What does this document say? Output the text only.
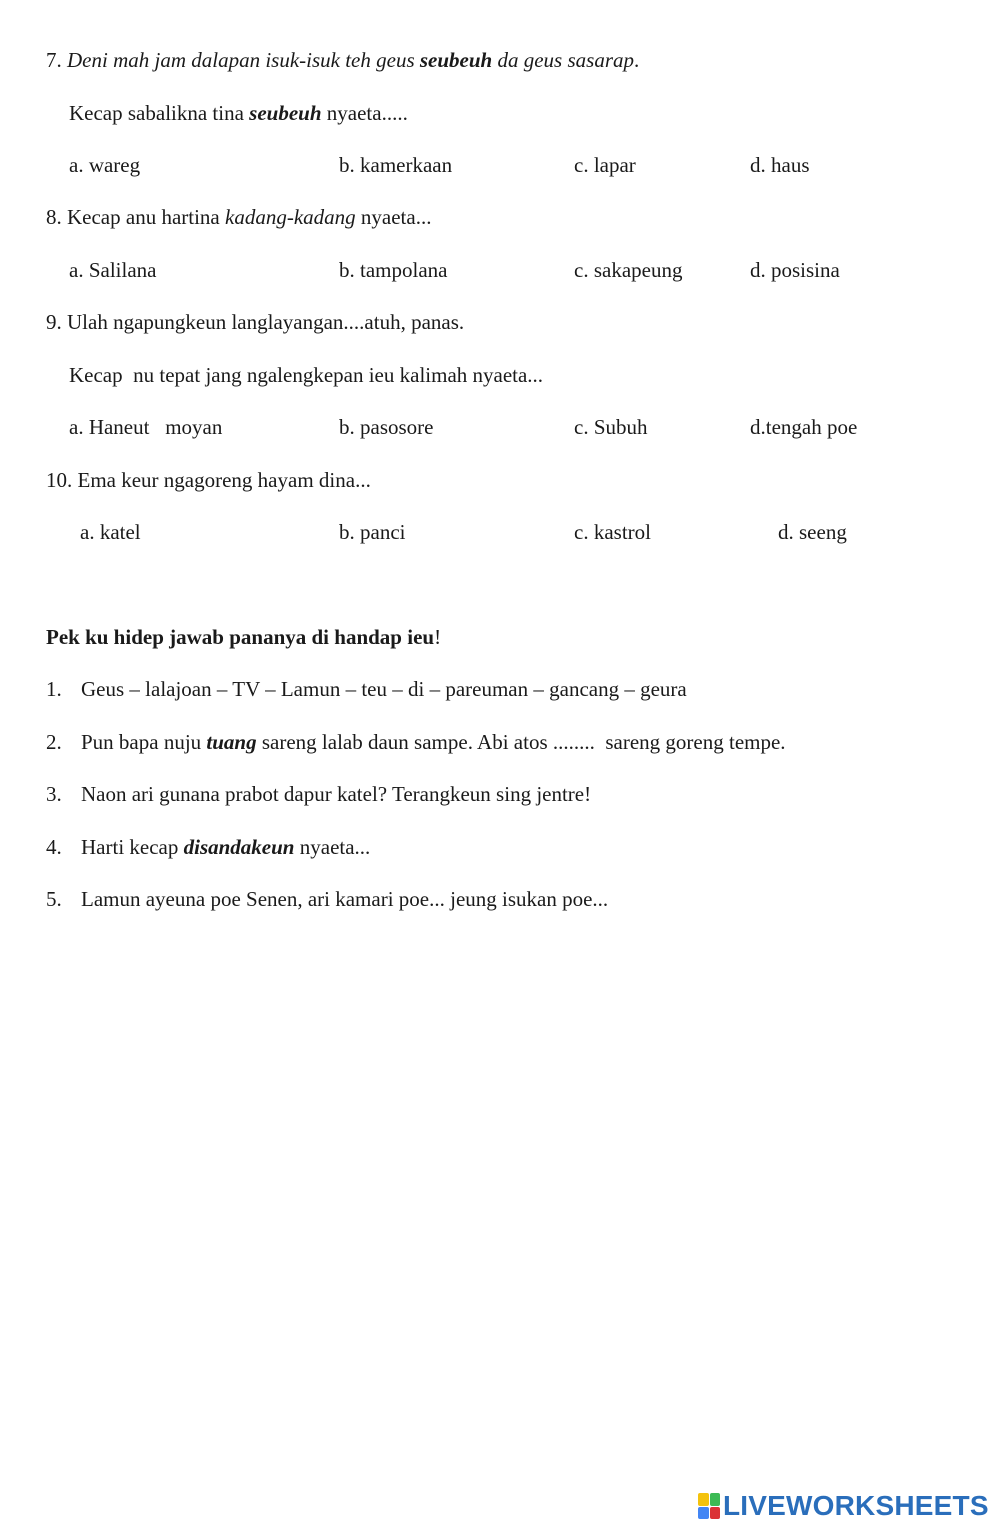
7. Deni mah jam dalapan isuk-isuk teh geus seubeuh da geus sasarap.
Kecap sabalikna tina seubeuh nyaeta.....
a. wareg	b. kamerkaan	c. lapar	d. haus
8. Kecap anu hartina kadang-kadang nyaeta...
a. Salilana	b. tampolana	c. sakapeung	d. posisina
9. Ulah ngapungkeun langlayangan....atuh, panas.
Kecap  nu tepat jang ngalengkepan ieu kalimah nyaeta...
a. Haneut   moyan	b. pasosore	c. Subuh	d.tengah poe
10. Ema keur ngagoreng hayam dina...
a. katel	b. panci	c. kastrol	d. seeng
Pek ku hidep jawab pananya di handap ieu!
1. Geus – lalajoan – TV – Lamun – teu – di – pareuman – gancang – geura
2. Pun bapa nuju tuang sareng lalab daun sampe. Abi atos ........  sareng goreng tempe.
3. Naon ari gunana prabot dapur katel? Terangkeun sing jentre!
4. Harti kecap disandakeun nyaeta...
5. Lamun ayeuna poe Senen, ari kamari poe... jeung isukan poe...
LIVEWORKSHEETS
